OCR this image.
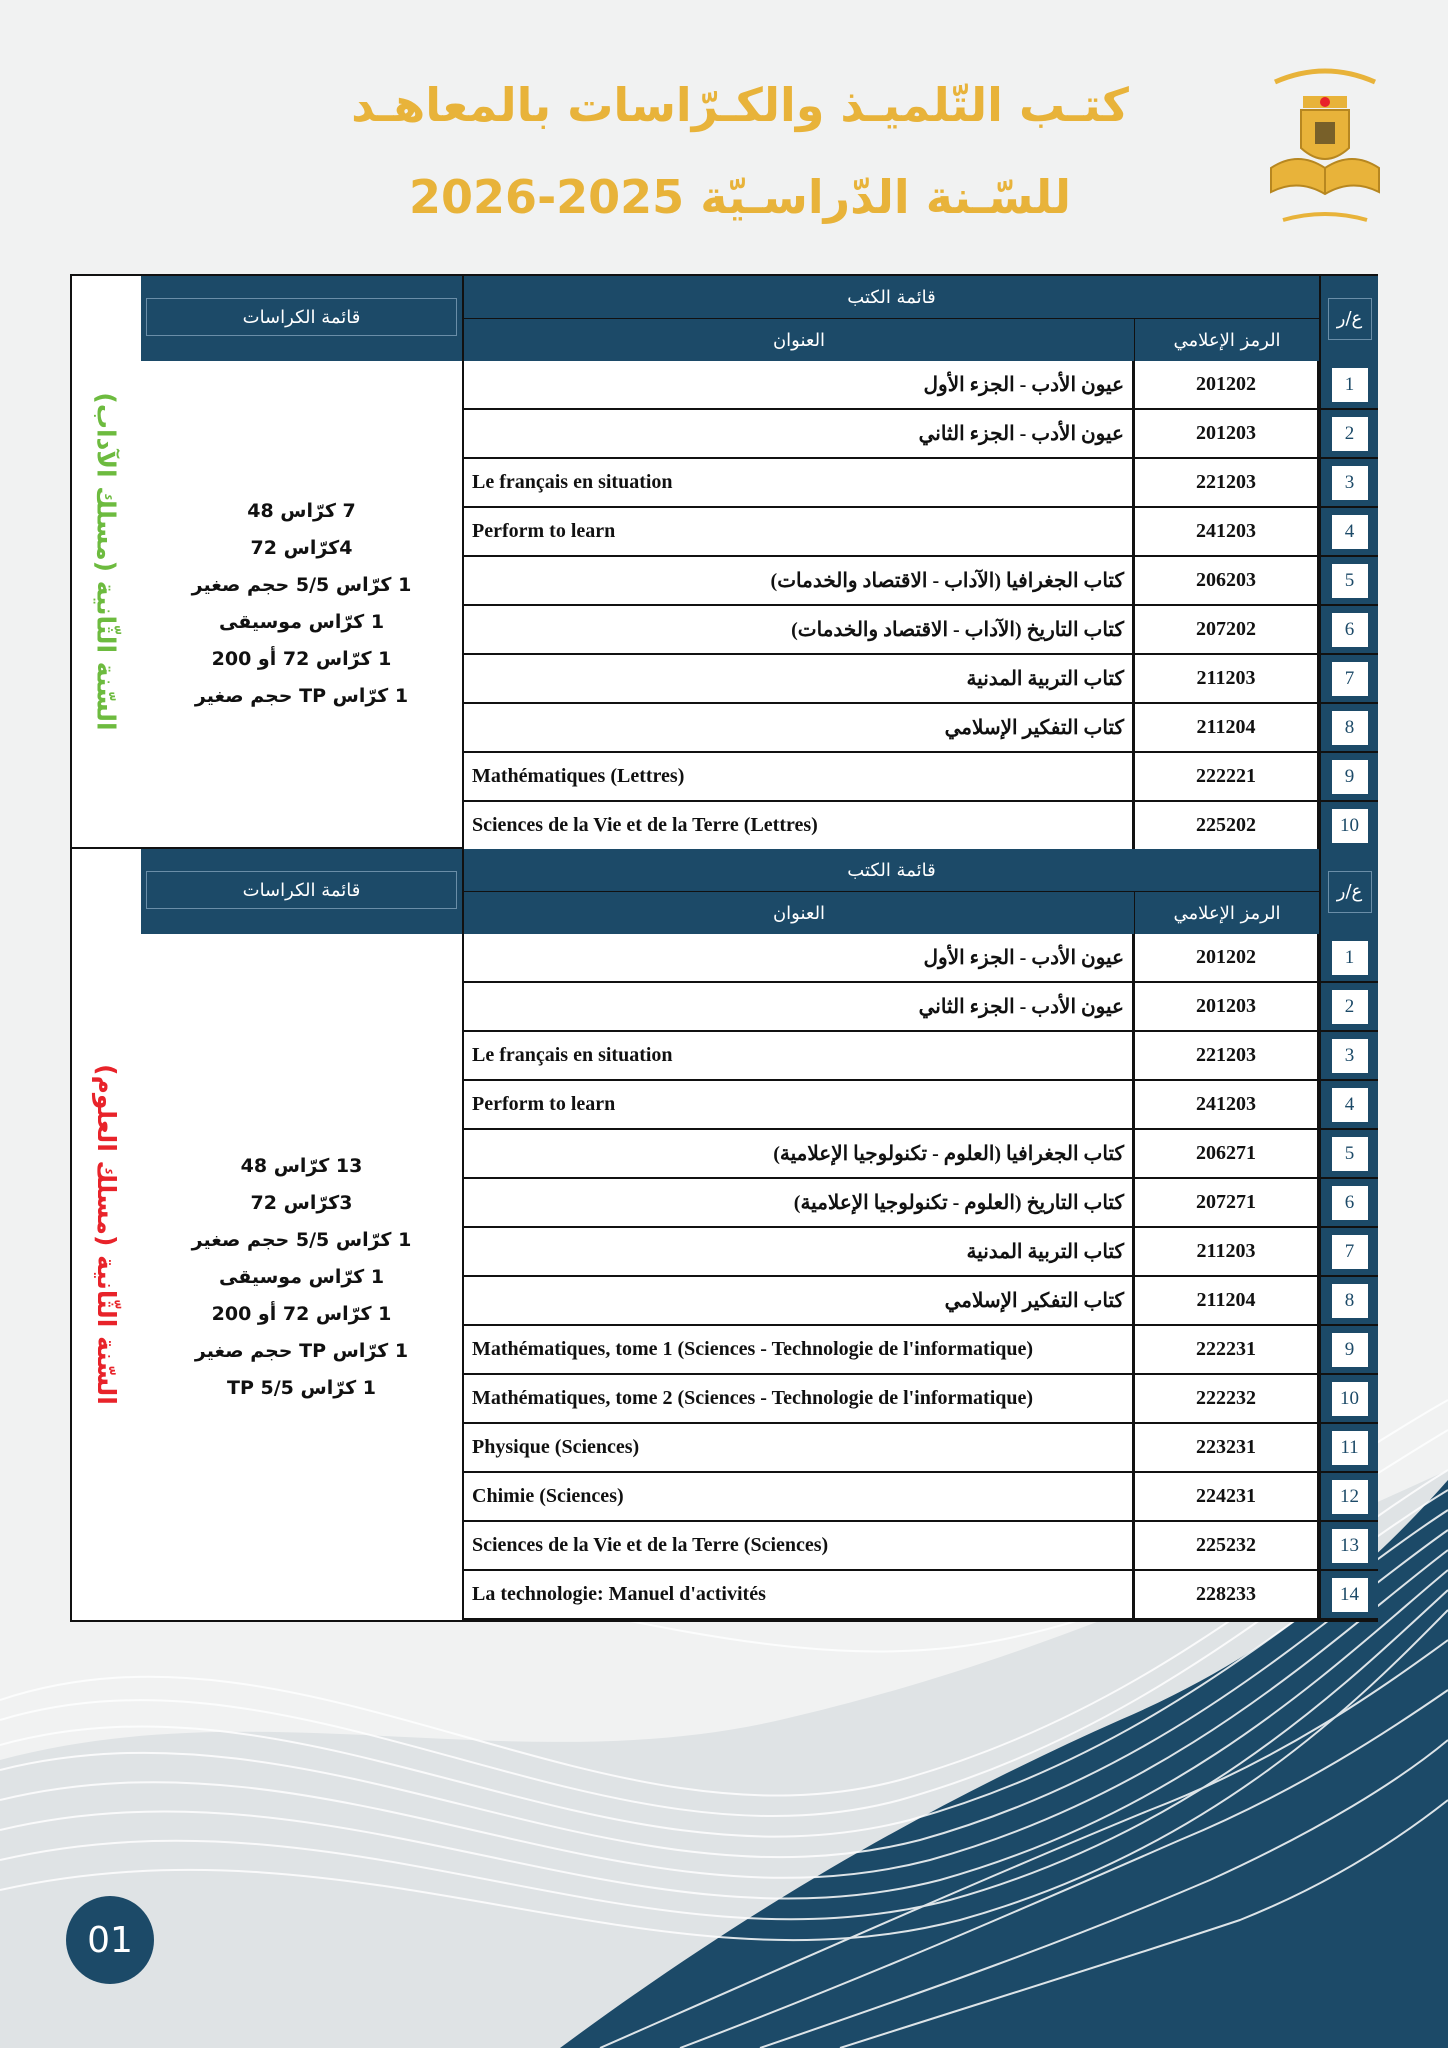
كتـب التّلميـذ والكـرّاسات بالمعاهـد
للسّـنة الدّراسـيّة 2025-2026
السّنة الثّانية (مسلك الآداب)
قائمة الكراسات
قائمة الكتب
العنوان	الرمز الإعلامي
ع/ر
7 كرّاس 48
4كرّاس 72
1 كرّاس 5/5 حجم صغير
1 كرّاس موسيقى
1 كرّاس 72 أو 200
1 كرّاس TP حجم صغير
عيون الأدب - الجزء الأول	201202	1
عيون الأدب - الجزء الثاني	201203	2
Le français en situation	221203	3
Perform to learn	241203	4
كتاب الجغرافيا (الآداب - الاقتصاد والخدمات)	206203	5
كتاب التاريخ (الآداب - الاقتصاد والخدمات)	207202	6
كتاب التربية المدنية	211203	7
كتاب التفكير الإسلامي	211204	8
Mathématiques (Lettres)	222221	9
Sciences de la Vie et de la Terre (Lettres)	225202	10
السّنة الثّانية (مسلك العلوم)
قائمة الكراسات
قائمة الكتب
العنوان	الرمز الإعلامي
ع/ر
13 كرّاس 48
3كرّاس 72
1 كرّاس 5/5 حجم صغير
1 كرّاس موسيقى
1 كرّاس 72 أو 200
1 كرّاس TP حجم صغير
1 كرّاس TP 5/5
عيون الأدب - الجزء الأول	201202	1
عيون الأدب - الجزء الثاني	201203	2
Le français en situation	221203	3
Perform to learn	241203	4
كتاب الجغرافيا (العلوم - تكنولوجيا الإعلامية)	206271	5
كتاب التاريخ (العلوم - تكنولوجيا الإعلامية)	207271	6
كتاب التربية المدنية	211203	7
كتاب التفكير الإسلامي	211204	8
Mathématiques, tome 1 (Sciences - Technologie de l'informatique)	222231	9
Mathématiques, tome 2 (Sciences - Technologie de l'informatique)	222232	10
Physique (Sciences)	223231	11
Chimie (Sciences)	224231	12
Sciences de la Vie et de la Terre (Sciences)	225232	13
La technologie: Manuel d'activités	228233	14
01
